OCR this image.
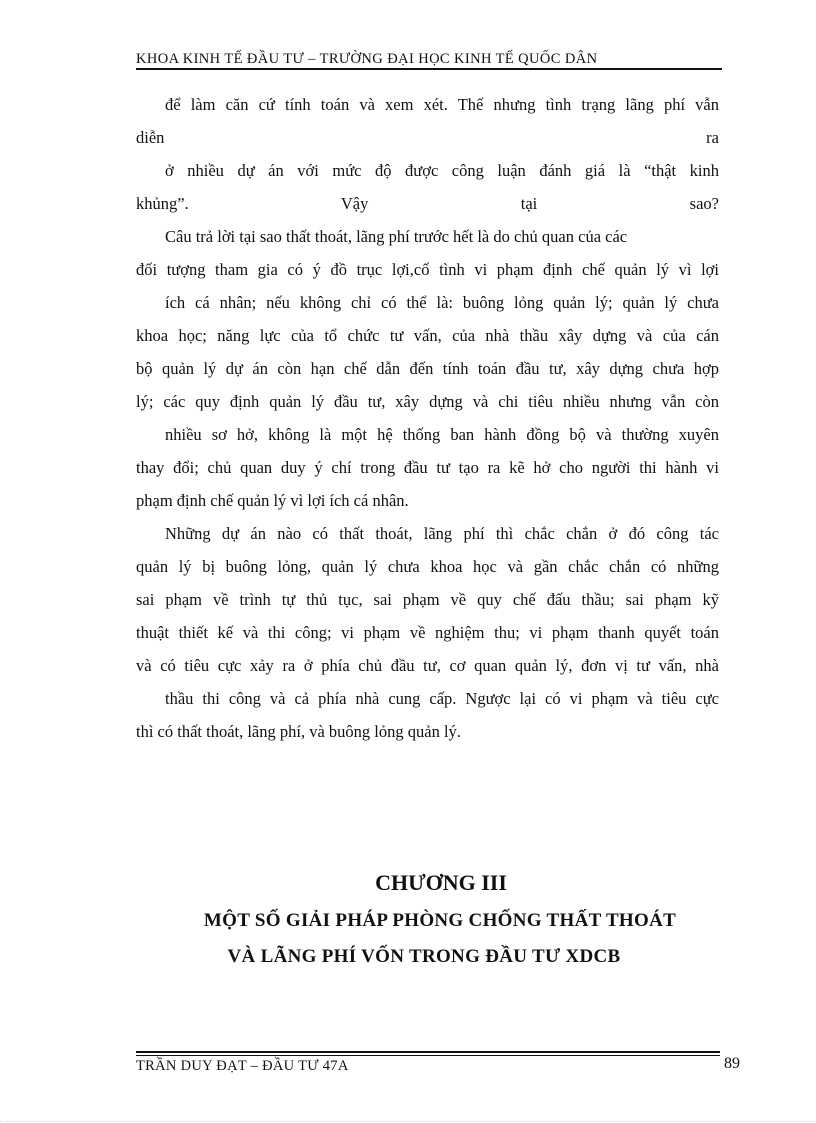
KHOA KINH TẾ ĐẦU TƯ – TRƯỜNG ĐẠI HỌC KINH TẾ QUỐC DÂN
để làm căn cứ tính toán và xem xét. Thế nhưng tình trạng lãng phí vẫn
diễn ra
ở nhiều dự án với mức độ được công luận đánh giá là “thật kinh
khủng”. Vậy tại sao?
Câu trả lời tại sao thất thoát, lãng phí trước hết là do chủ quan của các
đối tượng tham gia có ý đồ trục lợi,cố tình vi phạm định chế quản lý vì lợi
ích cá nhân; nếu không chỉ có thể là: buông lỏng quản lý; quản lý chưa
khoa học; năng lực của tổ chức tư vấn, của nhà thầu xây dựng và của cán
bộ quản lý dự án còn hạn chế dẫn đến tính toán đầu tư, xây dựng chưa hợp
lý; các quy định quản lý đầu tư, xây dựng và chi tiêu nhiều nhưng vẫn còn
nhiều sơ hở, không là một hệ thống ban hành đồng bộ và thường xuyên
thay đổi; chủ quan duy ý chí trong đầu tư tạo ra kẽ hở cho người thi hành vi
phạm định chế quản lý vì lợi ích cá nhân.
Những dự án nào có thất thoát, lãng phí thì chắc chắn ở đó công tác
quản lý bị buông lỏng, quản lý chưa khoa học và gần chắc chắn có những
sai phạm về trình tự thủ tục, sai phạm về quy chế đấu thầu; sai phạm kỹ
thuật thiết kế và thi công; vi phạm về nghiệm thu; vi phạm thanh quyết toán
và có tiêu cực xảy ra ở phía chủ đầu tư, cơ quan quản lý, đơn vị tư vấn, nhà
thầu thi công và cả phía nhà cung cấp. Ngược lại có vi phạm và tiêu cực
thì có thất thoát, lãng phí, và buông lỏng quản lý.
CHƯƠNG III
MỘT SỐ GIẢI PHÁP PHÒNG CHỐNG THẤT THOÁT
VÀ LÃNG PHÍ VỐN TRONG ĐẦU TƯ XDCB
TRẦN DUY ĐẠT – ĐẦU TƯ 47A	89
